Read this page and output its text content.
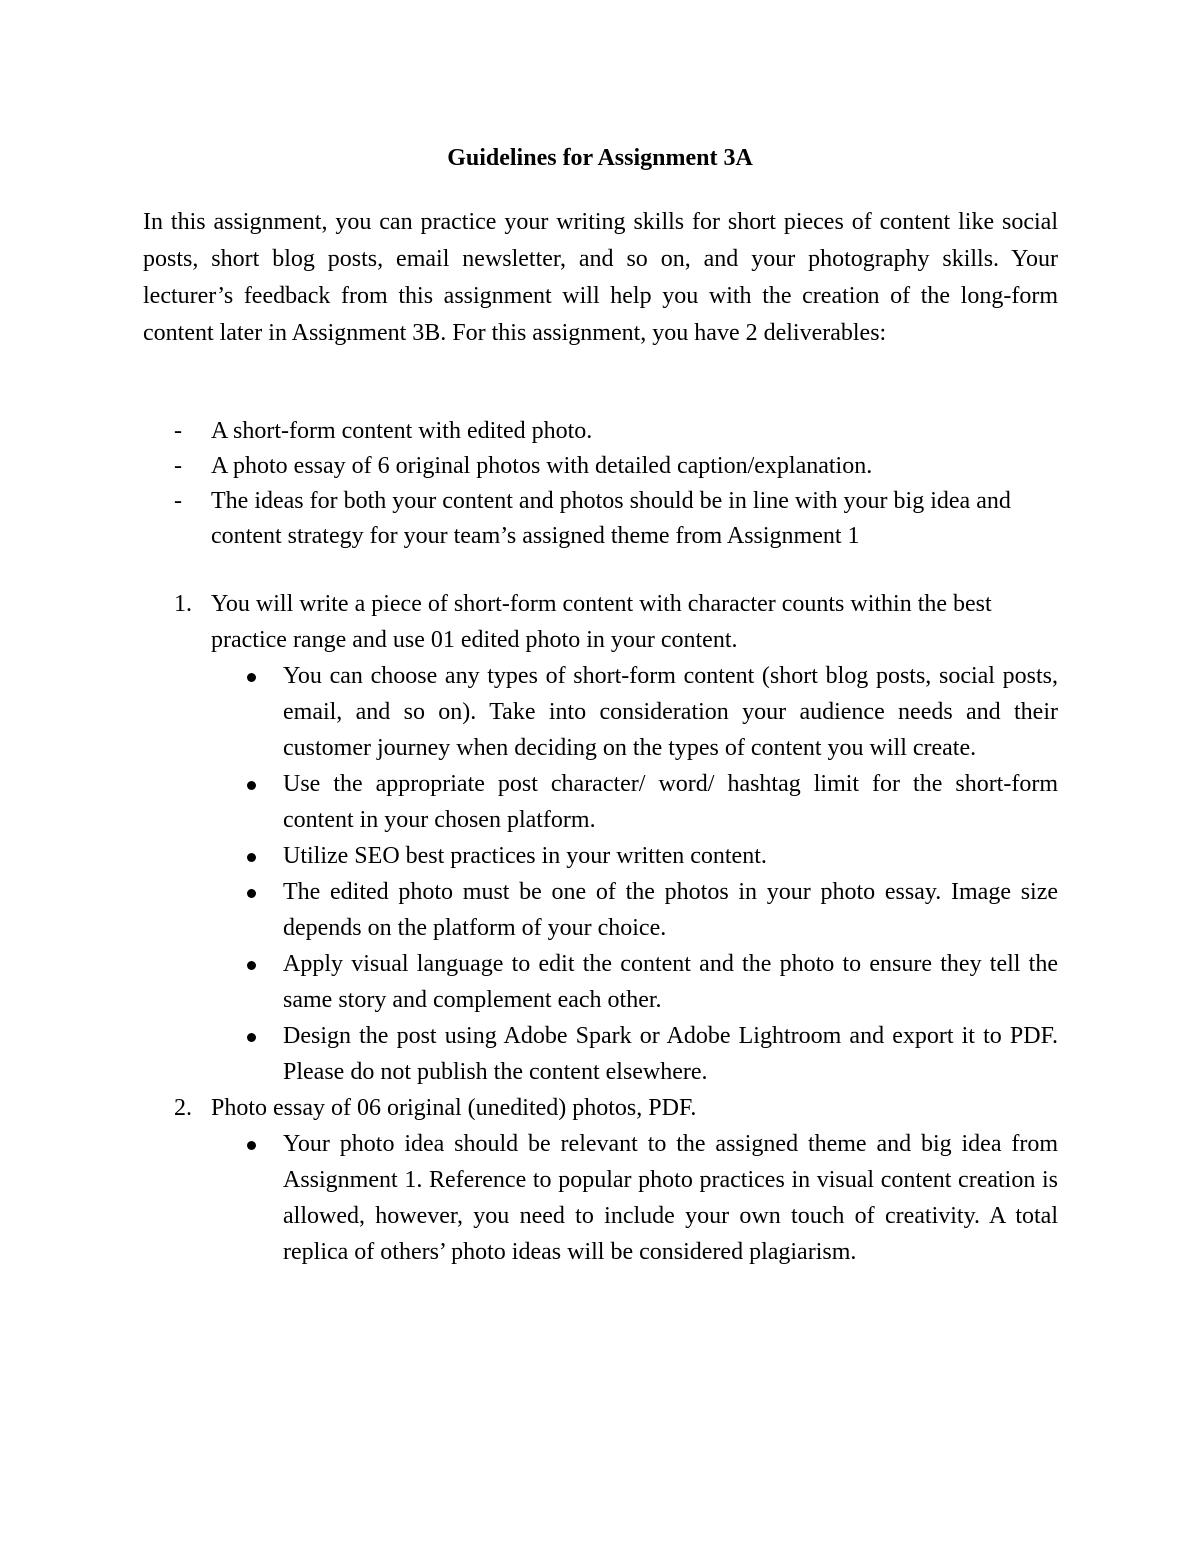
Guidelines for Assignment 3A

In this assignment, you can practice your writing skills for short pieces of content like social posts, short blog posts, email newsletter, and so on, and your photography skills. Your lecturer’s feedback from this assignment will help you with the creation of the long-form content later in Assignment 3B. For this assignment, you have 2 deliverables:

- A short-form content with edited photo.
- A photo essay of 6 original photos with detailed caption/explanation.
- The ideas for both your content and photos should be in line with your big idea and content strategy for your team’s assigned theme from Assignment 1
1. You will write a piece of short-form content with character counts within the best practice range and use 01 edited photo in your content.
You can choose any types of short-form content (short blog posts, social posts, email, and so on). Take into consideration your audience needs and their customer journey when deciding on the types of content you will create.
Use the appropriate post character/ word/ hashtag limit for the short-form content in your chosen platform.
Utilize SEO best practices in your written content.
The edited photo must be one of the photos in your photo essay. Image size depends on the platform of your choice.
Apply visual language to edit the content and the photo to ensure they tell the same story and complement each other.
Design the post using Adobe Spark or Adobe Lightroom and export it to PDF. Please do not publish the content elsewhere.
2. Photo essay of 06 original (unedited) photos, PDF.
Your photo idea should be relevant to the assigned theme and big idea from Assignment 1. Reference to popular photo practices in visual content creation is allowed, however, you need to include your own touch of creativity. A total replica of others’ photo ideas will be considered plagiarism.
